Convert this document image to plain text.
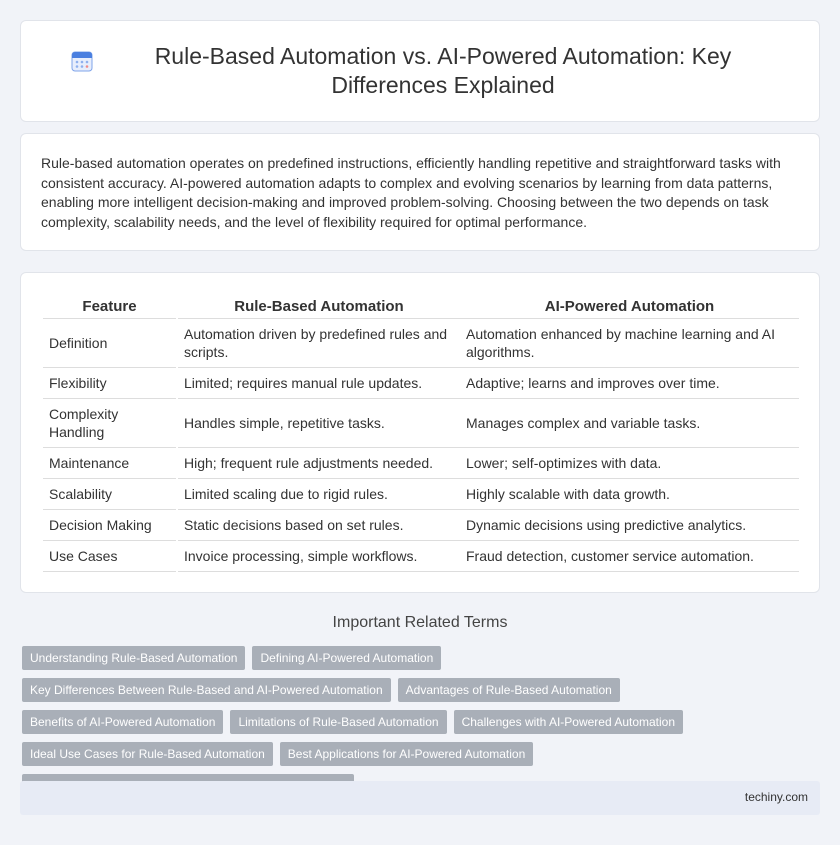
Rule-Based Automation vs. AI-Powered Automation: Key Differences Explained

Rule-based automation operates on predefined instructions, efficiently handling repetitive and straightforward tasks with consistent accuracy. AI-powered automation adapts to complex and evolving scenarios by learning from data patterns, enabling more intelligent decision-making and improved problem-solving. Choosing between the two depends on task complexity, scalability needs, and the level of flexibility required for optimal performance.

Feature	Rule-Based Automation	AI-Powered Automation
Definition	Automation driven by predefined rules and scripts.	Automation enhanced by machine learning and AI algorithms.
Flexibility	Limited; requires manual rule updates.	Adaptive; learns and improves over time.
Complexity Handling	Handles simple, repetitive tasks.	Manages complex and variable tasks.
Maintenance	High; frequent rule adjustments needed.	Lower; self-optimizes with data.
Scalability	Limited scaling due to rigid rules.	Highly scalable with data growth.
Decision Making	Static decisions based on set rules.	Dynamic decisions using predictive analytics.
Use Cases	Invoice processing, simple workflows.	Fraud detection, customer service automation.
Important Related Terms
Understanding Rule-Based Automation	Defining AI-Powered Automation
Key Differences Between Rule-Based and AI-Powered Automation	Advantages of Rule-Based Automation
Benefits of AI-Powered Automation	Limitations of Rule-Based Automation	Challenges with AI-Powered Automation
Ideal Use Cases for Rule-Based Automation	Best Applications for AI-Powered Automation
techiny.com
